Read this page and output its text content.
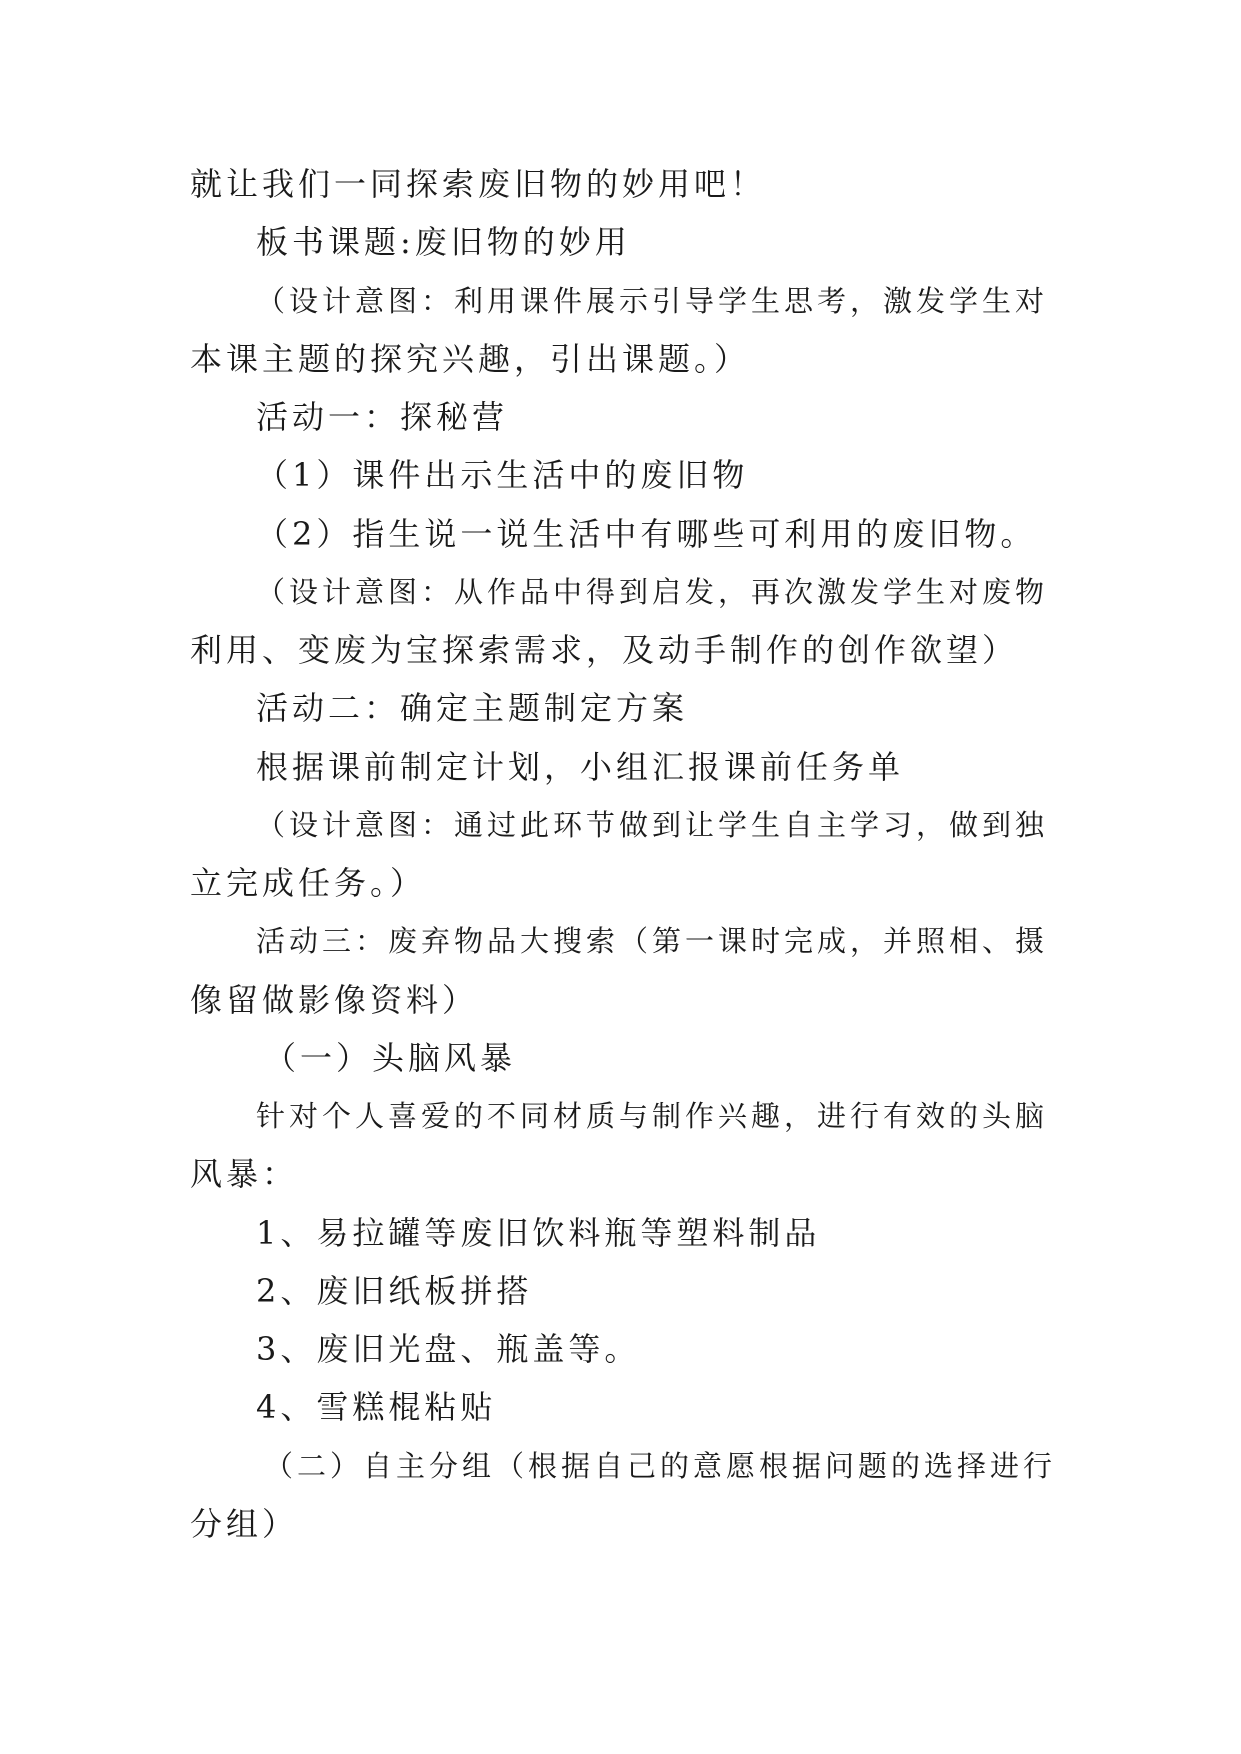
就让我们一同探索废旧物的妙用吧！
板书课题:废旧物的妙用
（设计意图：利用课件展示引导学生思考，激发学生对
本课主题的探究兴趣，引出课题。）
活动一：探秘营
（1）课件出示生活中的废旧物
（2）指生说一说生活中有哪些可利用的废旧物。
（设计意图：从作品中得到启发，再次激发学生对废物
利用、变废为宝探索需求，及动手制作的创作欲望）
活动二：确定主题制定方案
根据课前制定计划，小组汇报课前任务单
（设计意图：通过此环节做到让学生自主学习，做到独
立完成任务。）
活动三：废弃物品大搜索（第一课时完成，并照相、摄
像留做影像资料）
（一）头脑风暴
针对个人喜爱的不同材质与制作兴趣，进行有效的头脑
风暴：
1、易拉罐等废旧饮料瓶等塑料制品
2、废旧纸板拼搭
3、废旧光盘、瓶盖等。
4、雪糕棍粘贴
（二）自主分组（根据自己的意愿根据问题的选择进行
分组）
